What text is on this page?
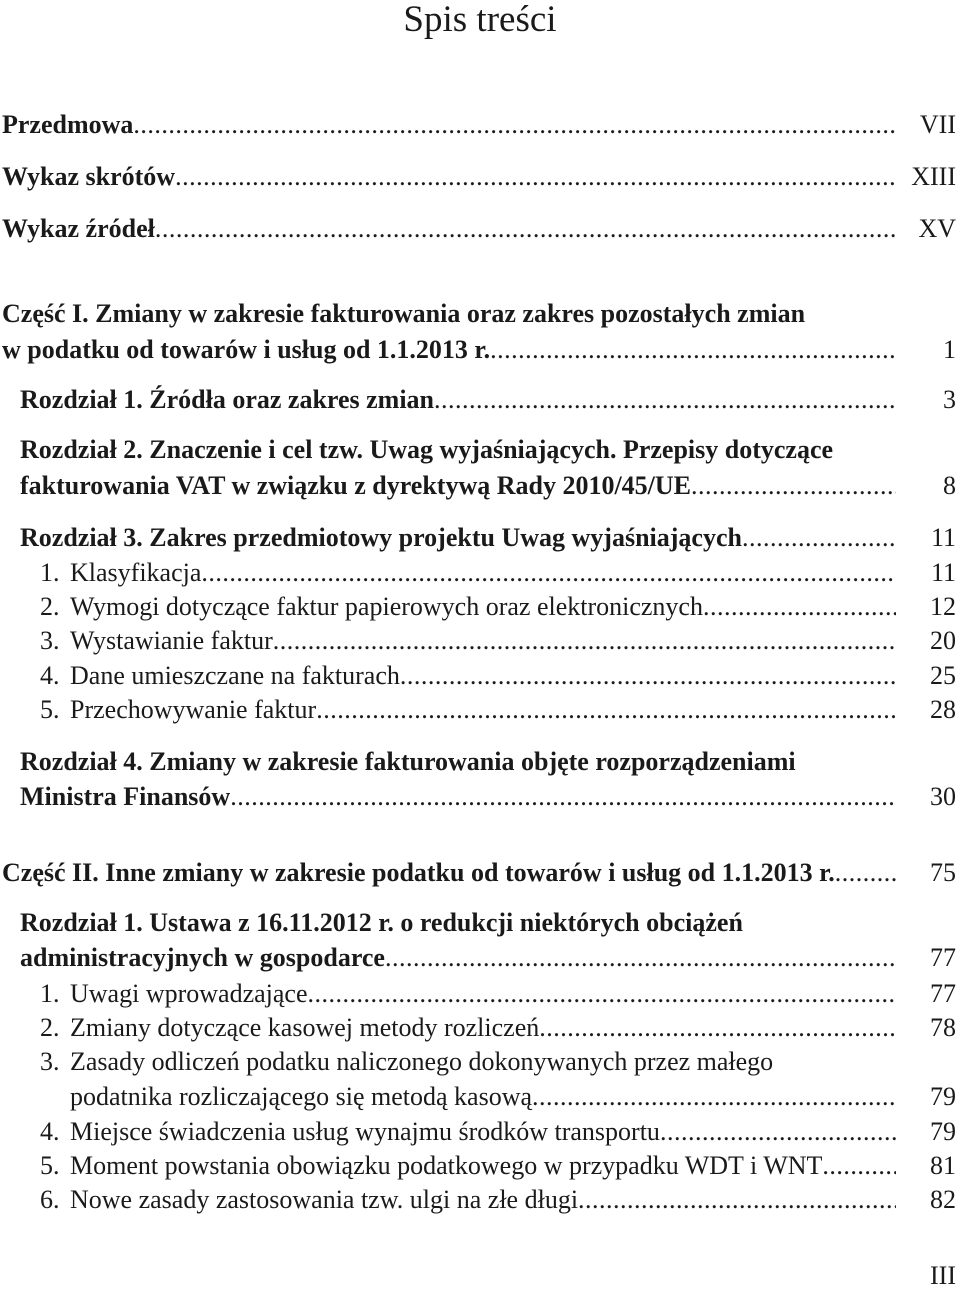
Spis treści
Przedmowa . . .	VII
Wykaz skrótów . . .	XIII
Wykaz źródeł . . .	XV
Część I. Zmiany w zakresie fakturowania oraz zakres pozostałych zmian
w podatku od towarów i usług od 1.1.2013 r. . . .	1
Rozdział 1. Źródła oraz zakres zmian . . .	3
Rozdział 2. Znaczenie i cel tzw. Uwag wyjaśniających. Przepisy dotyczące
fakturowania VAT w związku z dyrektywą Rady 2010/45/UE . . .	8
Rozdział 3. Zakres przedmiotowy projektu Uwag wyjaśniających . . .	11
1. Klasyfikacja . . .	11
2. Wymogi dotyczące faktur papierowych oraz elektronicznych . . .	12
3. Wystawianie faktur . . .	20
4. Dane umieszczane na fakturach . . .	25
5. Przechowywanie faktur . . .	28
Rozdział 4. Zmiany w zakresie fakturowania objęte rozporządzeniami
Ministra Finansów . . .	30
Część II. Inne zmiany w zakresie podatku od towarów i usług od 1.1.2013 r. . . .	75
Rozdział 1. Ustawa z 16.11.2012 r. o redukcji niektórych obciążeń
administracyjnych w gospodarce . . .	77
1. Uwagi wprowadzające . . .	77
2. Zmiany dotyczące kasowej metody rozliczeń . . .	78
3. Zasady odliczeń podatku naliczonego dokonywanych przez małego
podatnika rozliczającego się metodą kasową . . .	79
4. Miejsce świadczenia usług wynajmu środków transportu . . .	79
5. Moment powstania obowiązku podatkowego w przypadku WDT i WNT . . .	81
6. Nowe zasady zastosowania tzw. ulgi na złe długi . . .	82
III
